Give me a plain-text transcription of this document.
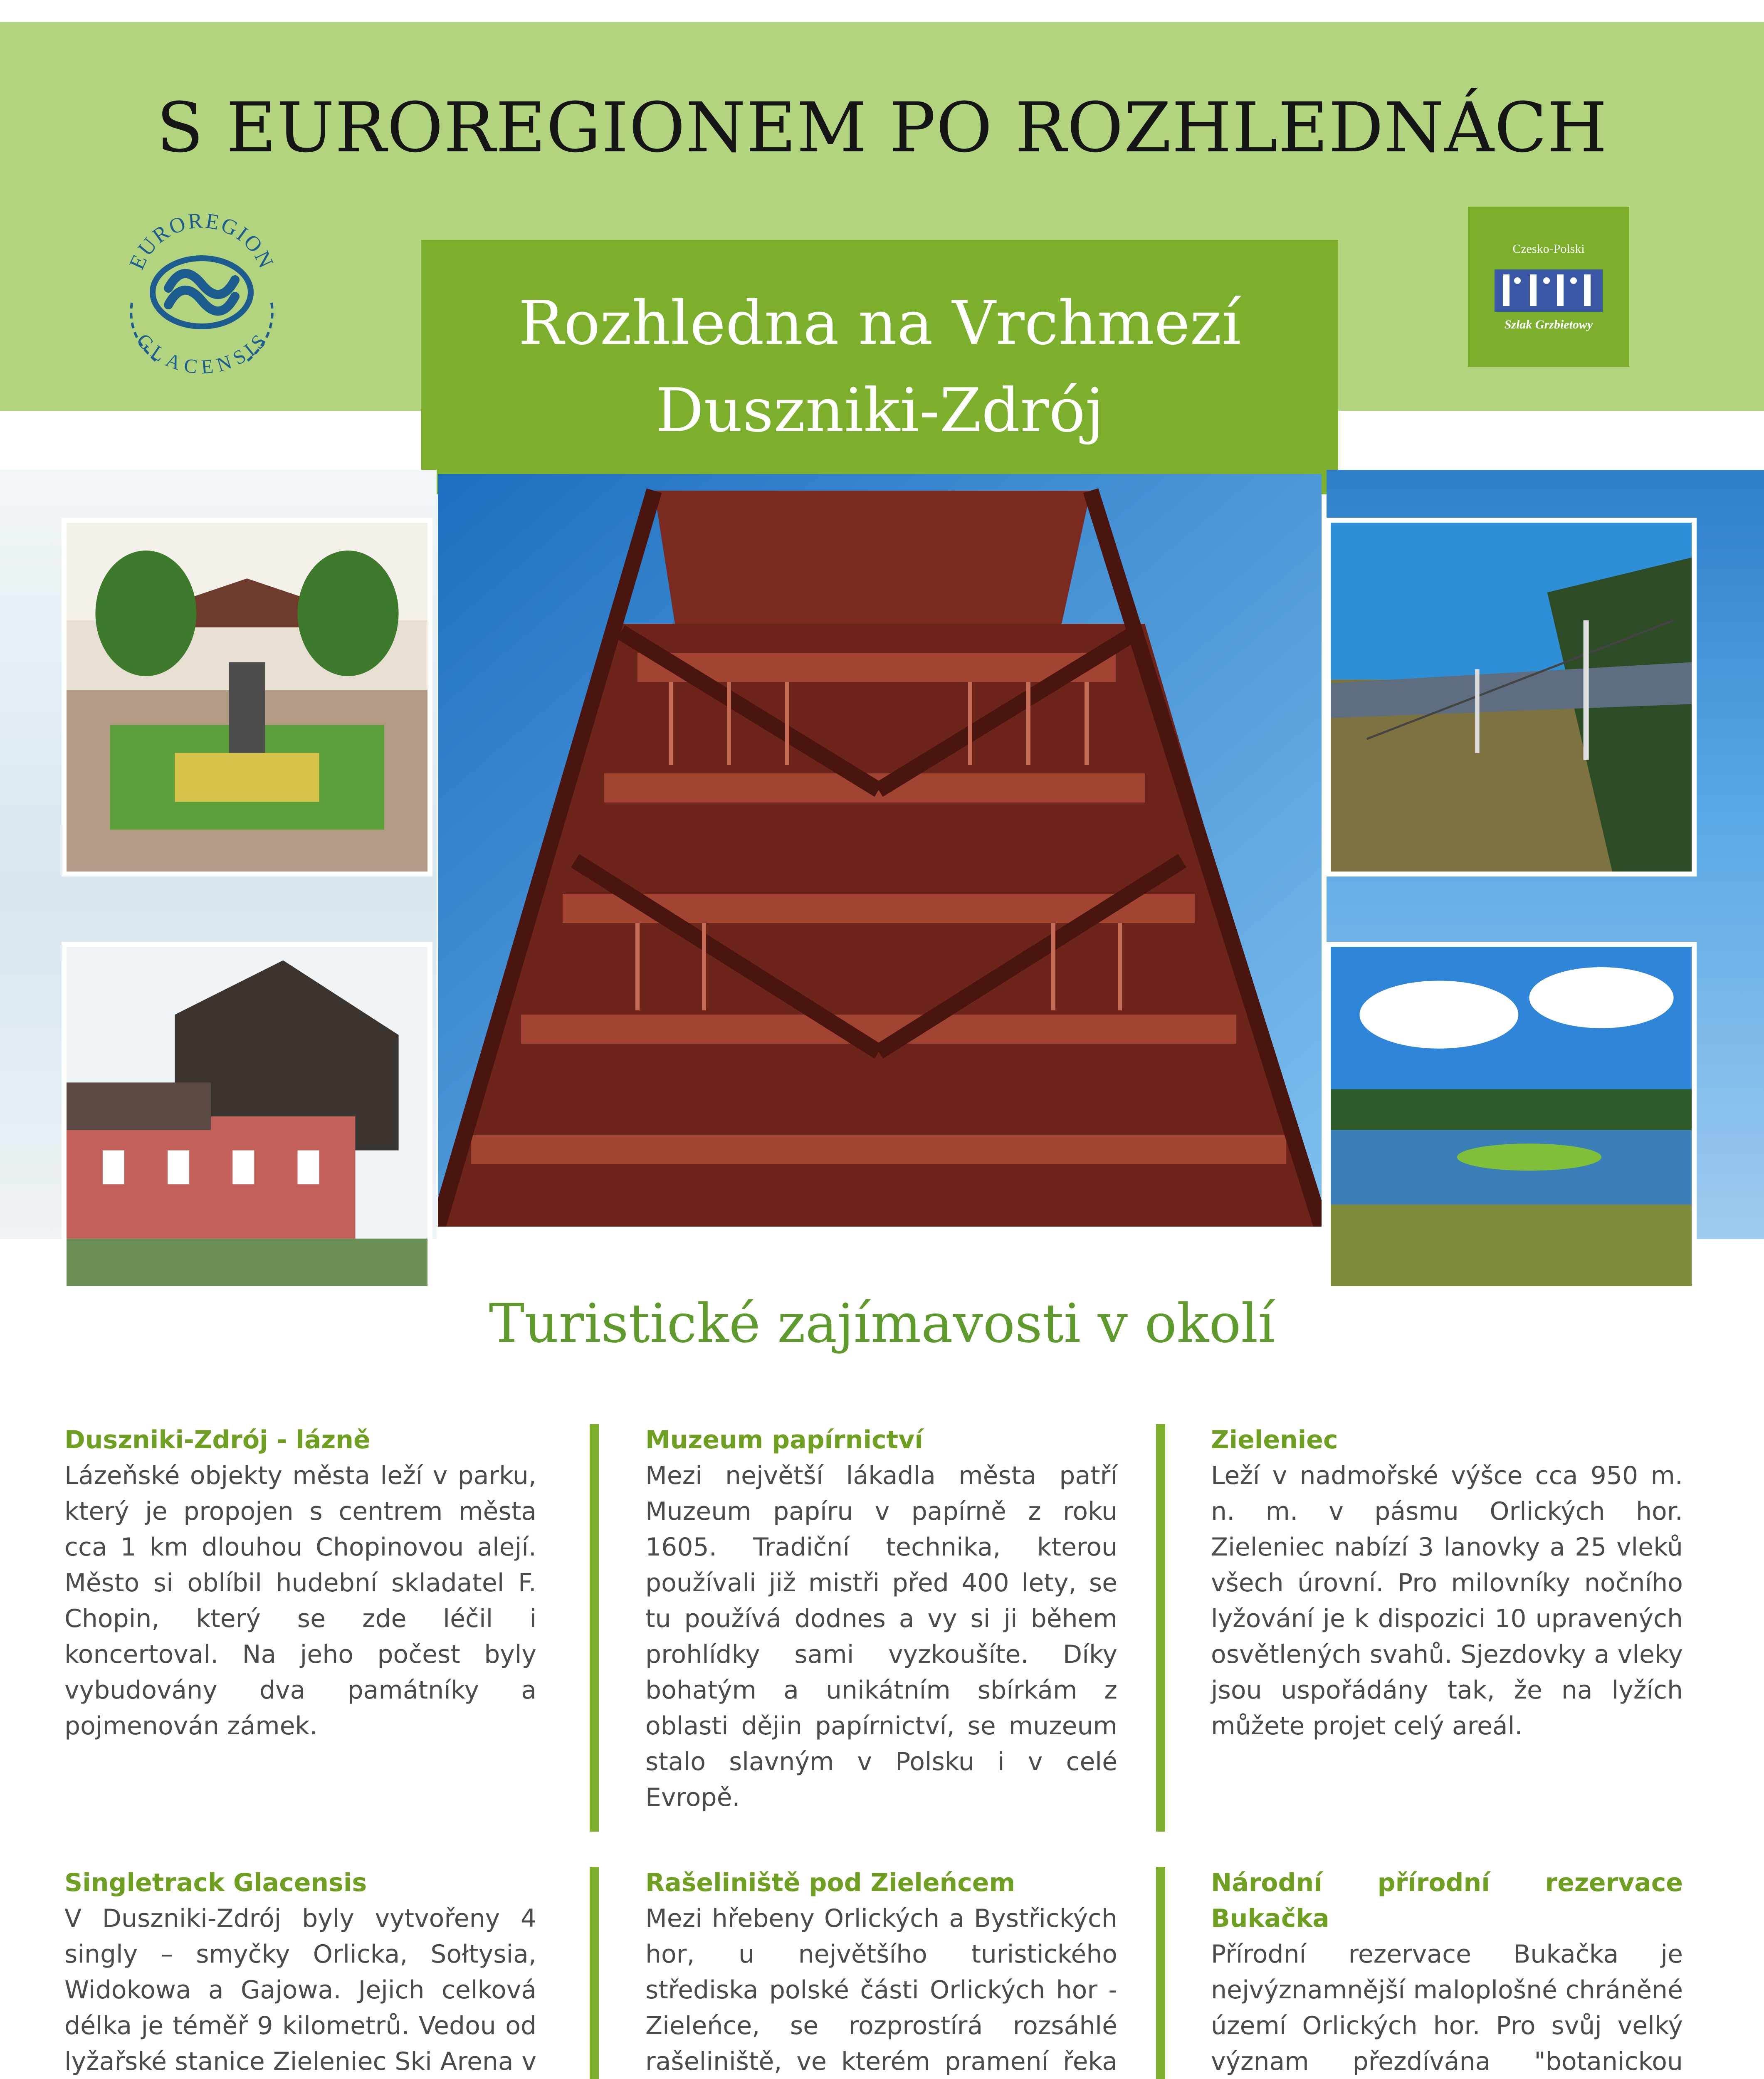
S EUROREGIONEM PO ROZHLEDNÁCH
EUROREGION
GLACENSIS
Czesko-Polski
Szlak Grzbietowy
Rozhledna na Vrchmezí
Duszniki-Zdrój
Turistické zajímavosti v okolí
Duszniki-Zdrój - lázně

Lázeňské objekty města leží v parku, který je propojen s centrem města cca 1 km dlouhou Chopinovou alejí. Město si oblíbil hudební skladatel F. Chopin, který se zde léčil i koncertoval. Na jeho počest byly vybudovány dva památníky a pojmenován zámek.

Muzeum papírnictví

Mezi největší lákadla města patří Muzeum papíru v papírně z roku 1605. Tradiční technika, kterou používali již mistři před 400 lety, se tu používá dodnes a vy si ji během prohlídky sami vyzkoušíte. Díky bohatým a unikátním sbírkám z oblasti dějin papírnictví, se muzeum stalo slavným v Polsku i v celé Evropě.

Zieleniec

Leží v nadmořské výšce cca 950 m. n. m. v pásmu Orlických hor. Zieleniec nabízí 3 lanovky a 25 vleků všech úrovní. Pro milovníky nočního lyžování je k dispozici 10 upravených osvětlených svahů. Sjezdovky a vleky jsou uspořádány tak, že na lyžích můžete projet celý areál.

Singletrack Glacensis

V Duszniki-Zdrój byly vytvořeny 4 singly – smyčky Orlicka, Sołtysia, Widokowa a Gajowa. Jejich celková délka je téměř 9 kilometrů. Vedou od lyžařské stanice Zieleniec Ski Arena v

Rašeliniště pod Zieleńcem

Mezi hřebeny Orlických a Bystřických hor, u největšího turistického střediska polské části Orlických hor - Zieleńce, se rozprostírá rozsáhlé rašeliniště, ve kterém pramení řeka

Národní přírodní rezervace Bukačka

Přírodní rezervace Bukačka je nejvýznamnější maloplošné chráněné území Orlických hor. Pro svůj velký význam přezdívána "botanickou
